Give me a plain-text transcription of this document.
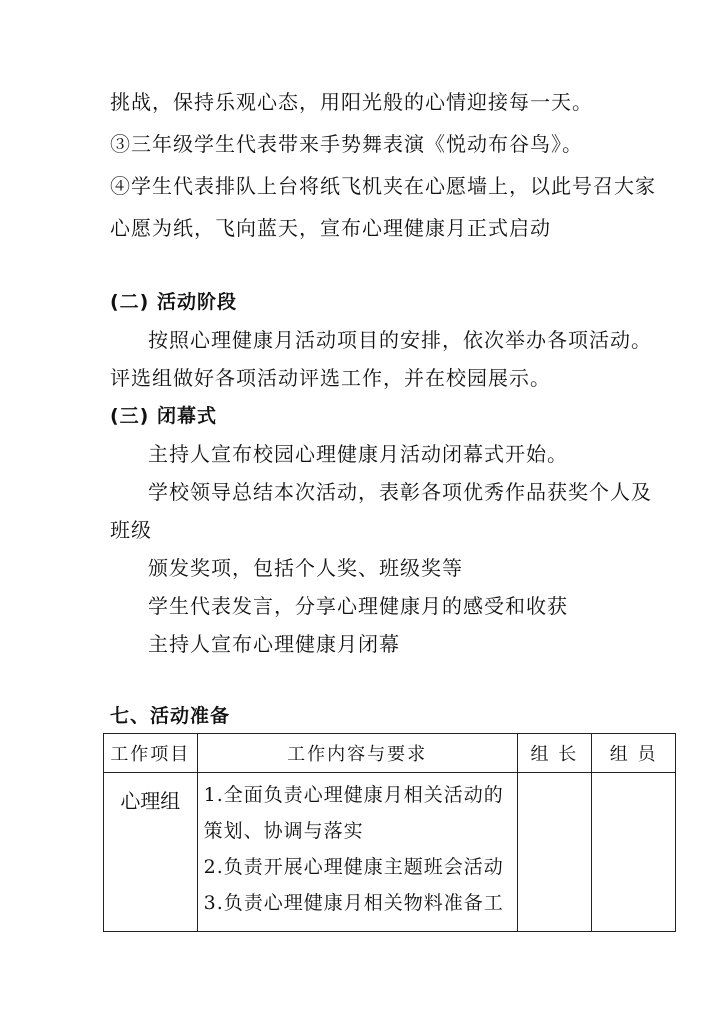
挑战，保持乐观心态，用阳光般的心情迎接每一天。
③三年级学生代表带来手势舞表演《悦动布谷鸟》。
④学生代表排队上台将纸飞机夹在心愿墙上，以此号召大家
心愿为纸，飞向蓝天，宣布心理健康月正式启动
(二) 活动阶段
按照心理健康月活动项目的安排，依次举办各项活动。
评选组做好各项活动评选工作，并在校园展示。
(三) 闭幕式
主持人宣布校园心理健康月活动闭幕式开始。
学校领导总结本次活动，表彰各项优秀作品获奖个人及
班级
颁发奖项，包括个人奖、班级奖等
学生代表发言，分享心理健康月的感受和收获
主持人宣布心理健康月闭幕
七、活动准备
工作项目	工作内容与要求	组 长	组 员

心理组	1.全面负责心理健康月相关活动的
策划、协调与落实
2.负责开展心理健康主题班会活动
3.负责心理健康月相关物料准备工		
